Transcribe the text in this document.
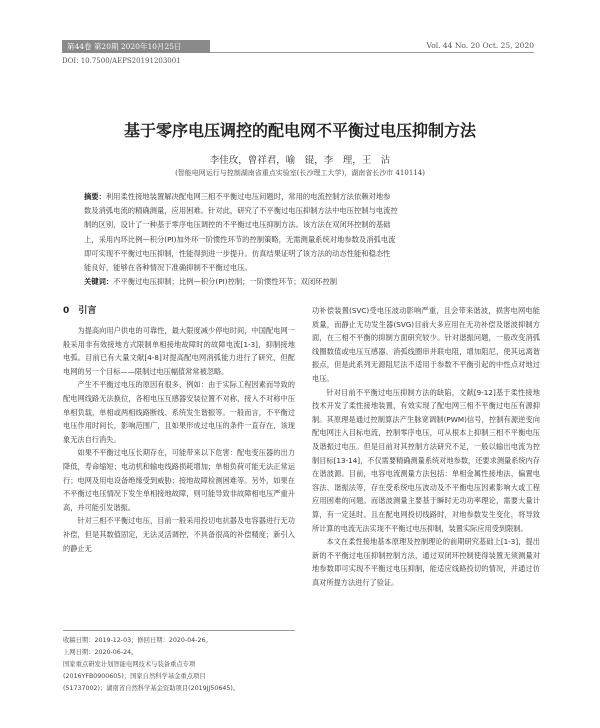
第44卷 第20期 2020年10月25日	Vol. 44 No. 20 Oct. 25, 2020
DOI: 10.7500/AEPS20191203001
基于零序电压调控的配电网不平衡过电压抑制方法
李佳玫，曾祥君，喻　锟，李　理，王　沾
(智能电网运行与控制湖南省重点实验室(长沙理工大学)，湖南省长沙市 410114)
摘要：利用柔性接地装置解决配电网三相不平衡过电压问题时，常用的电流控制方法依赖对地参
数及消弧电流的精确测量，应用困难。针对此，研究了不平衡过电压抑制方法中电压控制与电流控
制的区别，设计了一种基于零序电压调控的不平衡过电压抑制方法。该方法在双闭环控制的基础
上，采用内环比例—积分(PI)加外环一阶惯性环节的控制策略，无需测量系统对地参数及消弧电流
即可实现不平衡过电压抑制，性能得到进一步提升。仿真结果证明了该方法的动态性能和稳态性
能良好，能够在各种情况下准确抑制不平衡过电压。
关键词：不平衡过电压抑制；比例—积分(PI)控制；一阶惯性环节；双闭环控制
0 引言

为提高向用户供电的可靠性，最大限度减少停电时间，中国配电网一般采用非有效接地方式限制单相接地故障时的故障电流[1-3]，抑制接地电弧。目前已有大量文献[4-8]对提高配电网消弧能力进行了研究，但配电网的另一个目标——限制过电压幅值常常被忽略。

产生不平衡过电压的原因有很多，例如：由于实际工程因素而导致的配电网线路无法换位，各相电压互感器安装位置不对称，接入不对称中压单相负载，单相或两相线路断线、系统发生谐振等。一般而言，不平衡过电压作用时间长，影响范围广，且如果形成过电压的条件一直存在，该现象无法自行消失。

如果不平衡过电压长期存在，可能带来以下危害：配电变压器的出力降低，寿命缩短；电动机和输电线路损耗增加；单相负荷可能无法正常运行；电网及用电设备绝缘受到威胁；接地故障检测困难等。另外，如果在不平衡过电压情况下发生单相接地故障，则可能导致非故障相电压严重升高，并可能引发谐振。

针对三相不平衡过电压，目前一般采用投切电抗器及电容器进行无功补偿，但是其数值固定，无法灵活调控，不具备很高的补偿精度；新引入的静止无

功补偿装置(SVC)受电压波动影响严重，且会带来谐波，损害电网电能质量，而静止无功发生器(SVG)目前大多应用在无功补偿及谐波抑制方面，在三相不平衡的抑制方面研究较少。针对谐振问题，一般改变消弧线圈数值或电压互感器、消弧线圈串并联电阻，增加阻尼，使其远离谐振点，但是此系列无源阻尼法不适用于参数不平衡引起的中性点对地过电压。

针对目前不平衡过电压抑制方法的缺陷，文献[9-12]基于柔性接地技术开发了柔性接地装置，有效实现了配电网三相不平衡过电压有源抑制。其原理是通过控制算法产生脉宽调制(PWM)信号，控制有源逆变向配电网注入目标电流，控制零序电压，可从根本上抑制三相不平衡电压及谐振过电压。但是目前对其控制方法研究不足，一般以输出电流为控制目标[13-14]，不仅需要精确测量系统对地参数，还要求测量系统内存在谐波源。目前，电容电流测量方法包括：单相金属性接地法、偏置电容法、谐振法等，存在受系统电压波动及不平衡电压因素影响大或工程应用困难的问题。而谐波测量主要基于瞬时无功功率理论，需要大量计算，有一定延时。且在配电网投切线路时，对地参数发生变化，将导致所计算的电流无法实现不平衡过电压抑制，装置实际应用受到限制。

本文在柔性接地基本原理及控制理论的前期研究基础上[1-3]，提出新的不平衡过电压抑制控制方法，通过双闭环控制使得装置无须测量对地参数即可实现不平衡过电压抑制，能适应线路投切的情况，并通过仿真对所提方法进行了验证。

收稿日期：2019-12-03；修回日期：2020-04-26。
上网日期：2020-06-24。
国家重点研发计划智能电网技术与装备重点专项
(2016YFB0900605)；国家自然科学基金重点项目
(51737002)；湖南省自然科学基金资助项目(2019JJ50645)。
